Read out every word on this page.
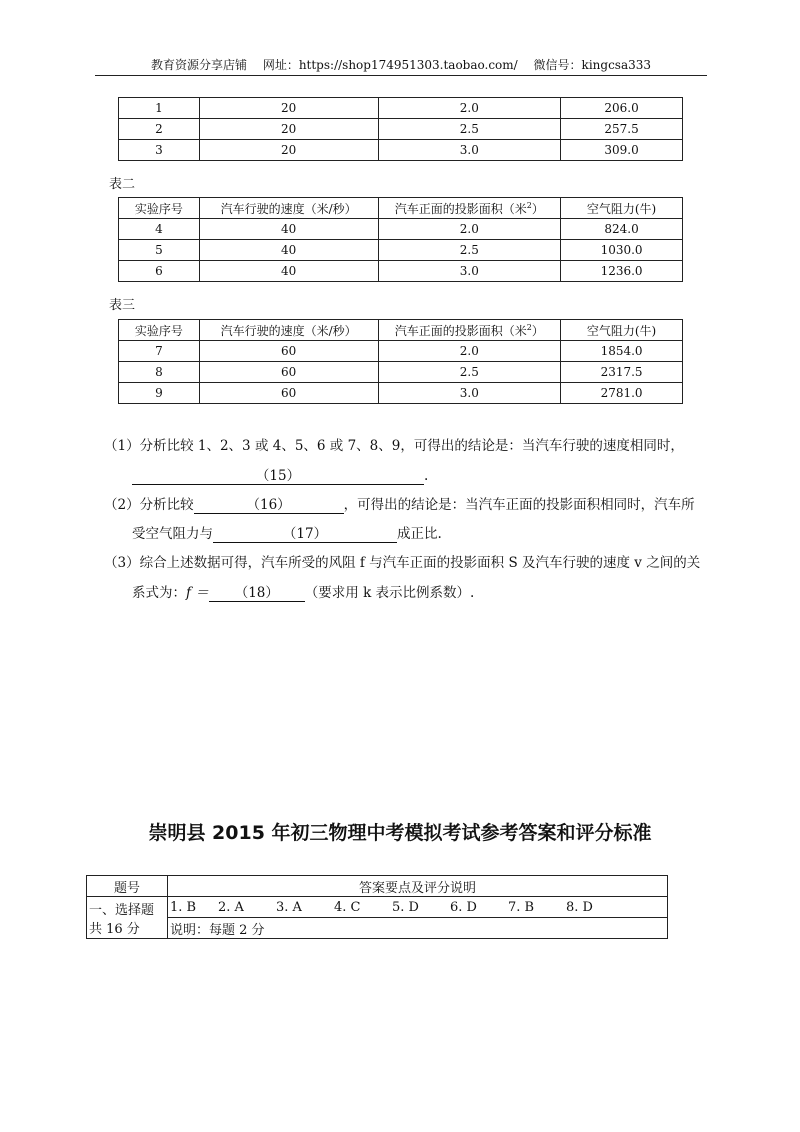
教育资源分享店铺 网址：https://shop174951303.taobao.com/ 微信号：kingcsa333
1	20	2.0	206.0
2	20	2.5	257.5
3	20	3.0	309.0
表二
实验序号	汽车行驶的速度（米/秒）	汽车正面的投影面积（米$^2$）	空气阻力(牛)
4	40	2.0	824.0
5	40	2.5	1030.0
6	40	3.0	1236.0
表三
实验序号	汽车行驶的速度（米/秒）	汽车正面的投影面积（米$^2$）	空气阻力(牛)
7	60	2.0	1854.0
8	60	2.5	2317.5
9	60	3.0	2781.0
（1）分析比较 1、2、3 或 4、5、6 或 7、8、9，可得出的结论是：当汽车行驶的速度相同时，
（15）	.
（2）分析比较	（16）	，可得出的结论是：当汽车正面的投影面积相同时，汽车所
受空气阻力与	（17）	成正比.
（3）综合上述数据可得，汽车所受的风阻 f 与汽车正面的投影面积 S 及汽车行驶的速度 v 之间的关
系式为：f ＝ （18） （要求用 k 表示比例系数）.
崇明县 2015 年初三物理中考模拟考试参考答案和评分标准
题号	答案要点及评分说明

一、选择题
共 16 分	1. B 2. A 3. A 4. C 5. D 6. D 7. B 8. D
	说明：每题 2 分
